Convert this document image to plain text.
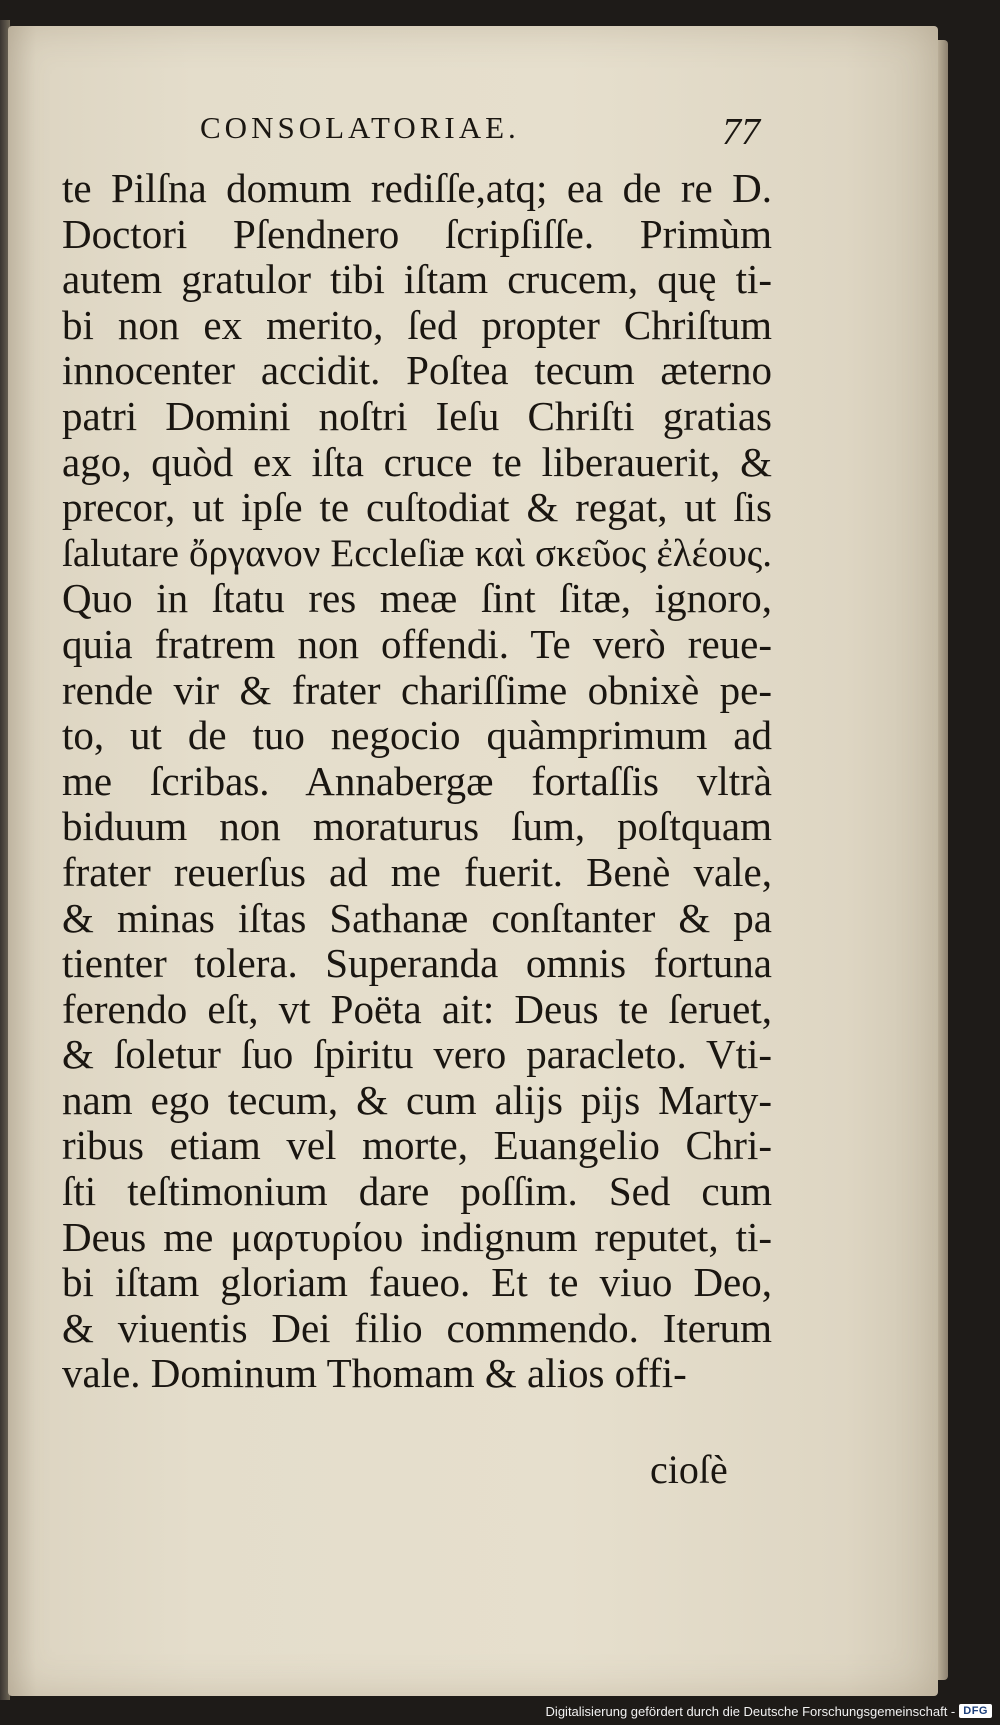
CONSOLATORIAE.	77
te Pilſna domum rediſſe,atq; ea de re D.
Doctori Pſendnero ſcripſiſſe. Primùm
autem gratulor tibi iſtam crucem, quę ti-
bi non ex merito, ſed propter Chriſtum
innocenter accidit. Poſtea tecum æterno
patri Domini noſtri Ieſu Chriſti gratias
ago, quòd ex iſta cruce te liberauerit, &
precor, ut ipſe te cuſtodiat & regat, ut ſis
ſalutare ὄργανον Eccleſiæ καὶ σκεῦος ἐλέους.
Quo in ſtatu res meæ ſint ſitæ, ignoro,
quia fratrem non offendi. Te verò reue-
rende vir & frater chariſſime obnixè pe-
to, ut de tuo negocio quàmprimum ad
me ſcribas. Annabergæ fortaſſis vltrà
biduum non moraturus ſum, poſtquam
frater reuerſus ad me fuerit. Benè vale,
& minas iſtas Sathanæ conſtanter & pa
tienter tolera. Superanda omnis fortuna
ferendo eſt, vt Poëta ait: Deus te ſeruet,
& ſoletur ſuo ſpiritu vero paracleto. Vti-
nam ego tecum, & cum alijs pijs Marty-
ribus etiam vel morte, Euangelio Chri-
ſti teſtimonium dare poſſim. Sed cum
Deus me μαρτυρίου indignum reputet, ti-
bi iſtam gloriam faueo. Et te viuo Deo,
& viuentis Dei filio commendo. Iterum
vale. Dominum Thomam & alios offi-
cioſè
Digitalisierung gefördert durch die Deutsche Forschungsgemeinschaft - DFG
